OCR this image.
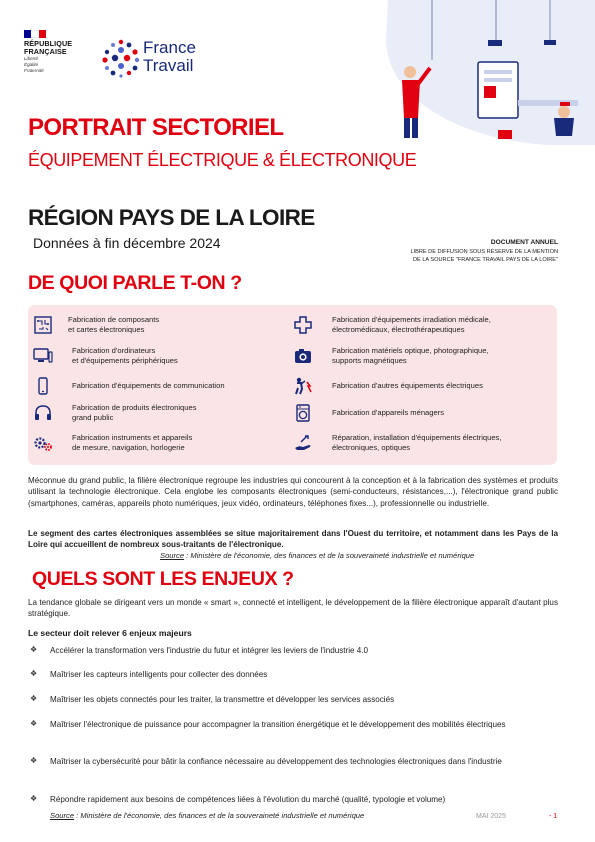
RÉPUBLIQUE
FRANÇAISE
Liberté
Égalité
Fraternité
France
Travail
PORTRAIT SECTORIEL
ÉQUIPEMENT ÉLECTRIQUE & ÉLECTRONIQUE
RÉGION PAYS DE LA LOIRE
Données à fin décembre 2024	DOCUMENT ANNUEL
LIBRE DE DIFFUSION SOUS RÉSERVE DE LA MENTION
DE LA SOURCE "FRANCE TRAVAIL PAYS DE LA LOIRE"
DE QUOI PARLE T-ON ?
Fabrication de composants
et cartes électroniques
Fabrication d'ordinateurs
et d'équipements périphériques
Fabrication d'équipements de communication
Fabrication de produits électroniques
grand public
Fabrication instruments et appareils
de mesure, navigation, horlogerie
Fabrication d'équipements irradiation médicale,
électromédicaux, électrothérapeutiques
Fabrication matériels optique, photographique,
supports magnétiques
Fabrication d'autres équipements électriques
Fabrication d'appareils ménagers
Réparation, installation d'équipements électriques,
électroniques, optiques
Méconnue du grand public, la filière électronique regroupe les industries qui concourent à la conception et à la fabrication des systèmes et produits utilisant la technologie électronique. Cela englobe les composants électroniques (semi-conducteurs, résistances,...), l'électronique grand public (smartphones, caméras, appareils photo numériques, jeux vidéo, ordinateurs, téléphones fixes...), professionnelle ou industrielle.
Le segment des cartes électroniques assemblées se situe majoritairement dans l'Ouest du territoire, et notamment dans les Pays de la Loire qui accueillent de nombreux sous-traitants de l'électronique.
Source : Ministère de l'économie, des finances et de la souveraineté industrielle et numérique
QUELS SONT LES ENJEUX ?
La tendance globale se dirigeant vers un monde « smart », connecté et intelligent, le développement de la filière électronique apparaît d'autant plus stratégique.
Le secteur doit relever 6 enjeux majeurs
❖	Accélérer la transformation vers l'industrie du futur et intégrer les leviers de l'industrie 4.0
❖	Maîtriser les capteurs intelligents pour collecter des données
❖	Maîtriser les objets connectés pour les traiter, la transmettre et développer les services associés
❖	Maîtriser l'électronique de puissance pour accompagner la transition énergétique et le développement des mobilités électriques
❖	Maîtriser la cybersécurité pour bâtir la confiance nécessaire au développement des technologies électroniques dans l'industrie
❖	Répondre rapidement aux besoins de compétences liées à l'évolution du marché (qualité, typologie et volume)
Source : Ministère de l'économie, des finances et de la souveraineté industrielle et numérique	MAI 2025	- 1
